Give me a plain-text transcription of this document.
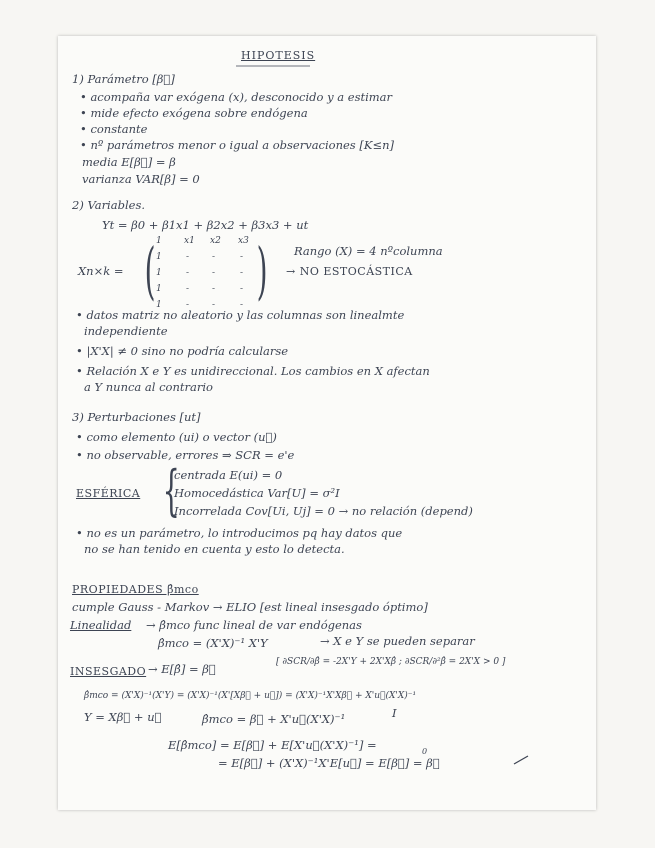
HIPOTESIS
1) Parámetro [β⃗]
• acompaña var exógena (x), desconocido y a estimar
• mide efecto exógena sobre endógena
• constante
• nº parámetros menor o igual a observaciones [K≤n]
media E[β⃗] = β
varianza VAR[β] = 0
2) Variables.
Yt = β0 + β1x1 + β2x2 + β3x3 + ut
Xn×k = ( )
1 x1 x2 x3
1	-	-	-
1	-	-	-
1	-	-	-
1	-	-	-
Rango (X) = 4 nºcolumna
→ NO ESTOCÁSTICA
• datos matriz no aleatorio y las columnas son linealmte
independiente
• |X'X| ≠ 0 sino no podría calcularse
• Relación X e Y es unidireccional. Los cambios en X afectan
a Y nunca al contrario
3) Perturbaciones [ut]
• como elemento (ui) o vector (u⃗)
• no observable, errores ⇒ SCR = e'e
ESFÉRICA {
centrada E(ui) = 0
Homocedástica Var[U] = σ²I
Incorrelada Cov[Ui, Uj] = 0 → no relación (depend)
• no es un parámetro, lo introducimos pq hay datos que
no se han tenido en cuenta y esto lo detecta.
PROPIEDADES β̂mco
cumple Gauss - Markov → ELIO [est lineal insesgado óptimo]
Linealidad → β̂mco func lineal de var endógenas
β̂mco = (X'X)⁻¹ X'Y	→ X e Y se pueden separar
INSESGADO → E[β̂] = β⃗	[ ∂SCR/∂β̂ = -2X'Y + 2X'Xβ̂ ; ∂SCR/∂²β̂ = 2X'X > 0 ]
β̂mco = (X'X)⁻¹(X'Y) = (X'X)⁻¹(X'[Xβ⃗ + u⃗]) = (X'X)⁻¹X'Xβ⃗ + X'u⃗(X'X)⁻¹
I
Y = Xβ⃗ + u⃗	β̂mco = β⃗ + X'u⃗(X'X)⁻¹
E[β̂mco] = E[β⃗] + E[X'u⃗(X'X)⁻¹] =	0
= E[β⃗] + (X'X)⁻¹X'E[u⃗] = E[β⃗] = β⃗
